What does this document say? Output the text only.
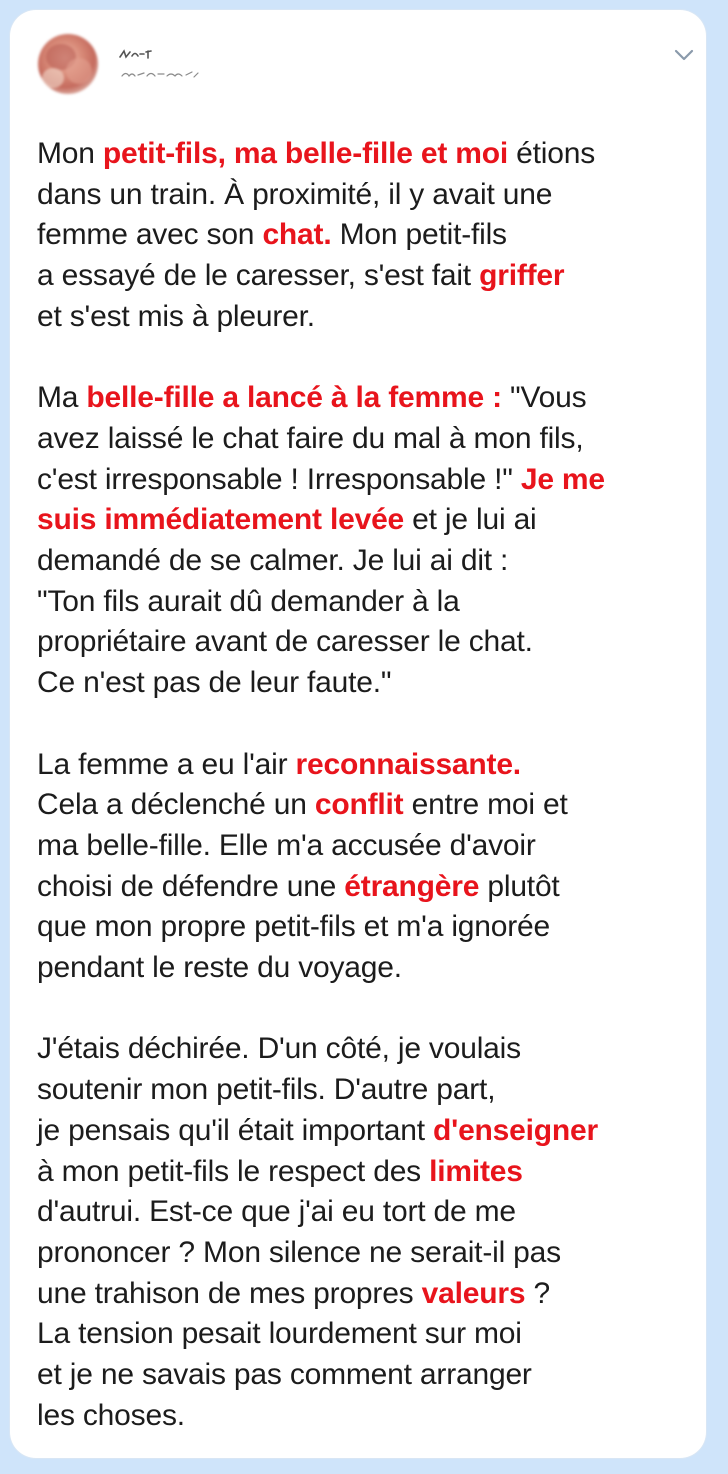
Mon petit-fils, ma belle-fille et moi étions
dans un train. À proximité, il y avait une
femme avec son chat. Mon petit-fils
a essayé de le caresser, s'est fait griffer
et s'est mis à pleurer.

Ma belle-fille a lancé à la femme : "Vous
avez laissé le chat faire du mal à mon fils,
c'est irresponsable ! Irresponsable !" Je me
suis immédiatement levée et je lui ai
demandé de se calmer. Je lui ai dit :
"Ton fils aurait dû demander à la
propriétaire avant de caresser le chat.
Ce n'est pas de leur faute."

La femme a eu l'air reconnaissante.
Cela a déclenché un conflit entre moi et
ma belle-fille. Elle m'a accusée d'avoir
choisi de défendre une étrangère plutôt
que mon propre petit-fils et m'a ignorée
pendant le reste du voyage.

J'étais déchirée. D'un côté, je voulais
soutenir mon petit-fils. D'autre part,
je pensais qu'il était important d'enseigner
à mon petit-fils le respect des limites
d'autrui. Est-ce que j'ai eu tort de me
prononcer ? Mon silence ne serait-il pas
une trahison de mes propres valeurs ?
La tension pesait lourdement sur moi
et je ne savais pas comment arranger
les choses.
